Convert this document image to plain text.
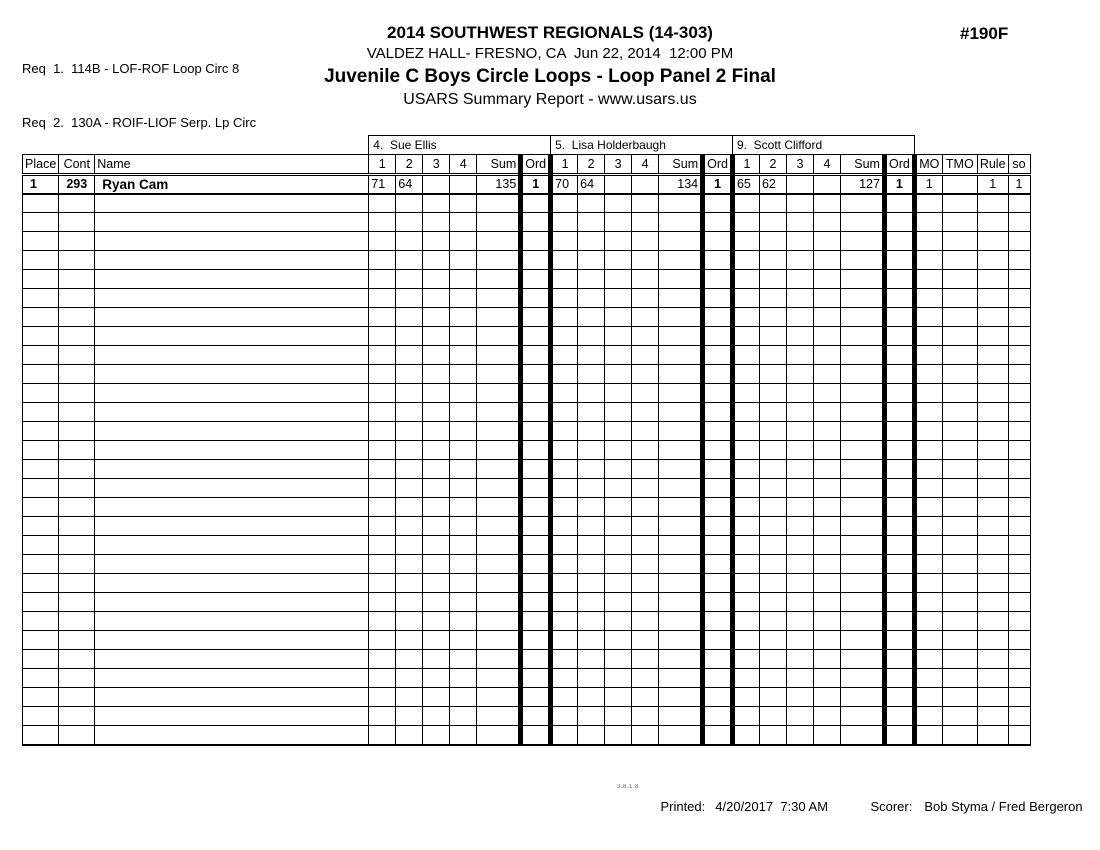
Req  1.  114B - LOF-ROF Loop Circ 8

Req  2.  130A - ROIF-LIOF Serp. Lp Circ

2014 SOUTHWEST REGIONALS (14-303)
VALDEZ HALL- FRESNO, CA  Jun 22, 2014  12:00 PM
Juvenile C Boys Circle Loops - Loop Panel 2 Final
USARS Summary Report - www.usars.us
#190F
			4.  Sue Ellis						5.  Lisa Holderbaugh						9.  Scott Clifford									
Place	Cont	Name	1	2	3	4	Sum	Ord	1	2	3	4	Sum	Ord	1	2	3	4	Sum	Ord	MO	TMO	Rule	so
1	293	Ryan Cam	71	64			135	1	70	64			134	1	65	62			127	1	1		1	1

3.8.1.8

Printed: 4/20/2017  7:30 AM
	Scorer: Bob Styma / Fred Bergeron
